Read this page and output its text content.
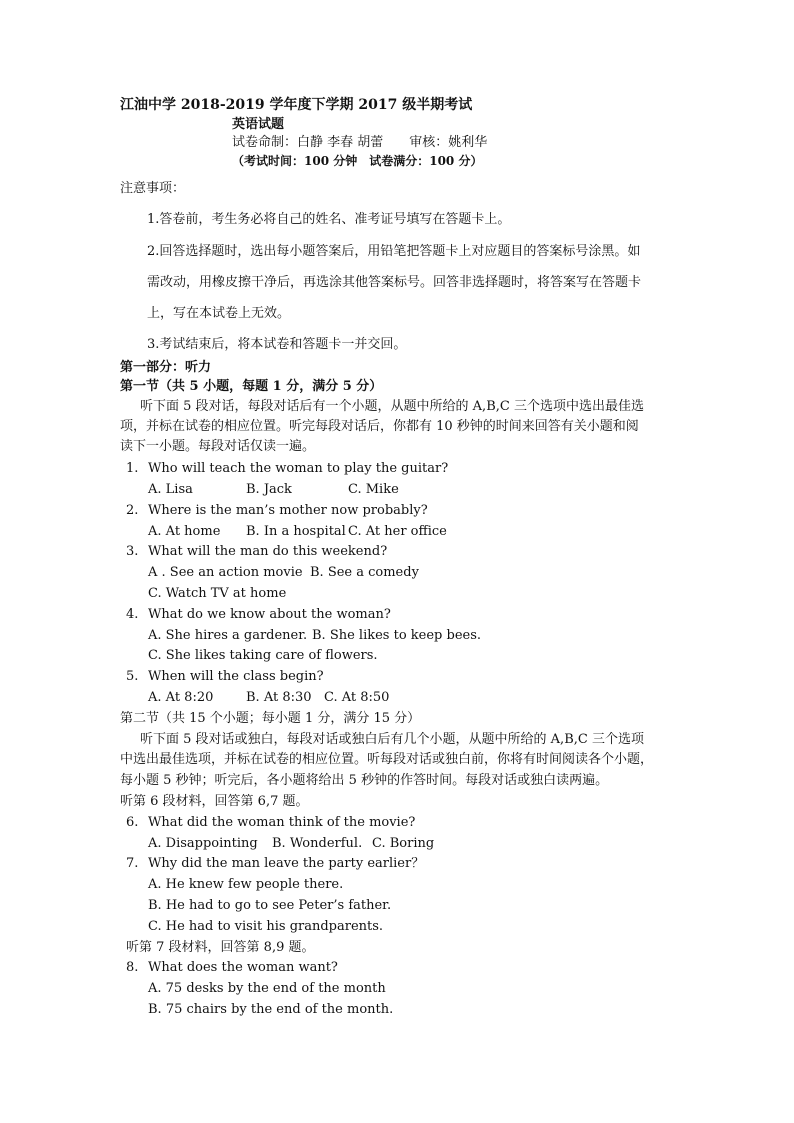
江油中学 2018-2019 学年度下学期 2017 级半期考试
英语试题
试卷命制：白静 李春 胡蕾　　审核：姚利华
（考试时间：100 分钟　试卷满分：100 分）
注意事项：
1.答卷前，考生务必将自己的姓名、准考证号填写在答题卡上。
2.回答选择题时，选出每小题答案后，用铅笔把答题卡上对应题目的答案标号涂黑。如
需改动，用橡皮擦干净后，再选涂其他答案标号。回答非选择题时，将答案写在答题卡
上，写在本试卷上无效。
3.考试结束后，将本试卷和答题卡一并交回。
第一部分：听力
第一节（共 5 小题，每题 1 分，满分 5 分）
听下面 5 段对话，每段对话后有一个小题，从题中所给的 A,B,C 三个选项中选出最佳选
项，并标在试卷的相应位置。听完每段对话后，你都有 10 秒钟的时间来回答有关小题和阅
读下一小题。每段对话仅读一遍。
1. Who will teach the woman to play the guitar?
A. Lisa	B. Jack	C. Mike
2. Where is the man’s mother now probably?
A. At home B. In a hospital C. At her office
3. What will the man do this weekend?
A . See an action movie B. See a comedy
C. Watch TV at home
4. What do we know about the woman?
A. She hires a gardener. B. She likes to keep bees.
C. She likes taking care of flowers.
5. When will the class begin?
A. At 8:20	B. At 8:30 C. At 8:50
第二节（共 15 个小题；每小题 1 分，满分 15 分）
听下面 5 段对话或独白，每段对话或独白后有几个小题，从题中所给的 A,B,C 三个选项
中选出最佳选项，并标在试卷的相应位置。听每段对话或独白前，你将有时间阅读各个小题，
每小题 5 秒钟；听完后，各小题将给出 5 秒钟的作答时间。每段对话或独白读两遍。
听第 6 段材料，回答第 6,7 题。
6. What did the woman think of the movie?
A. Disappointing B. Wonderful. C. Boring
7. Why did the man leave the party earlier？
A. He knew few people there.
B. He had to go to see Peter’s father.
C. He had to visit his grandparents.
听第 7 段材料，回答第 8,9 题。
8. What does the woman want?
A. 75 desks by the end of the month
B. 75 chairs by the end of the month.
